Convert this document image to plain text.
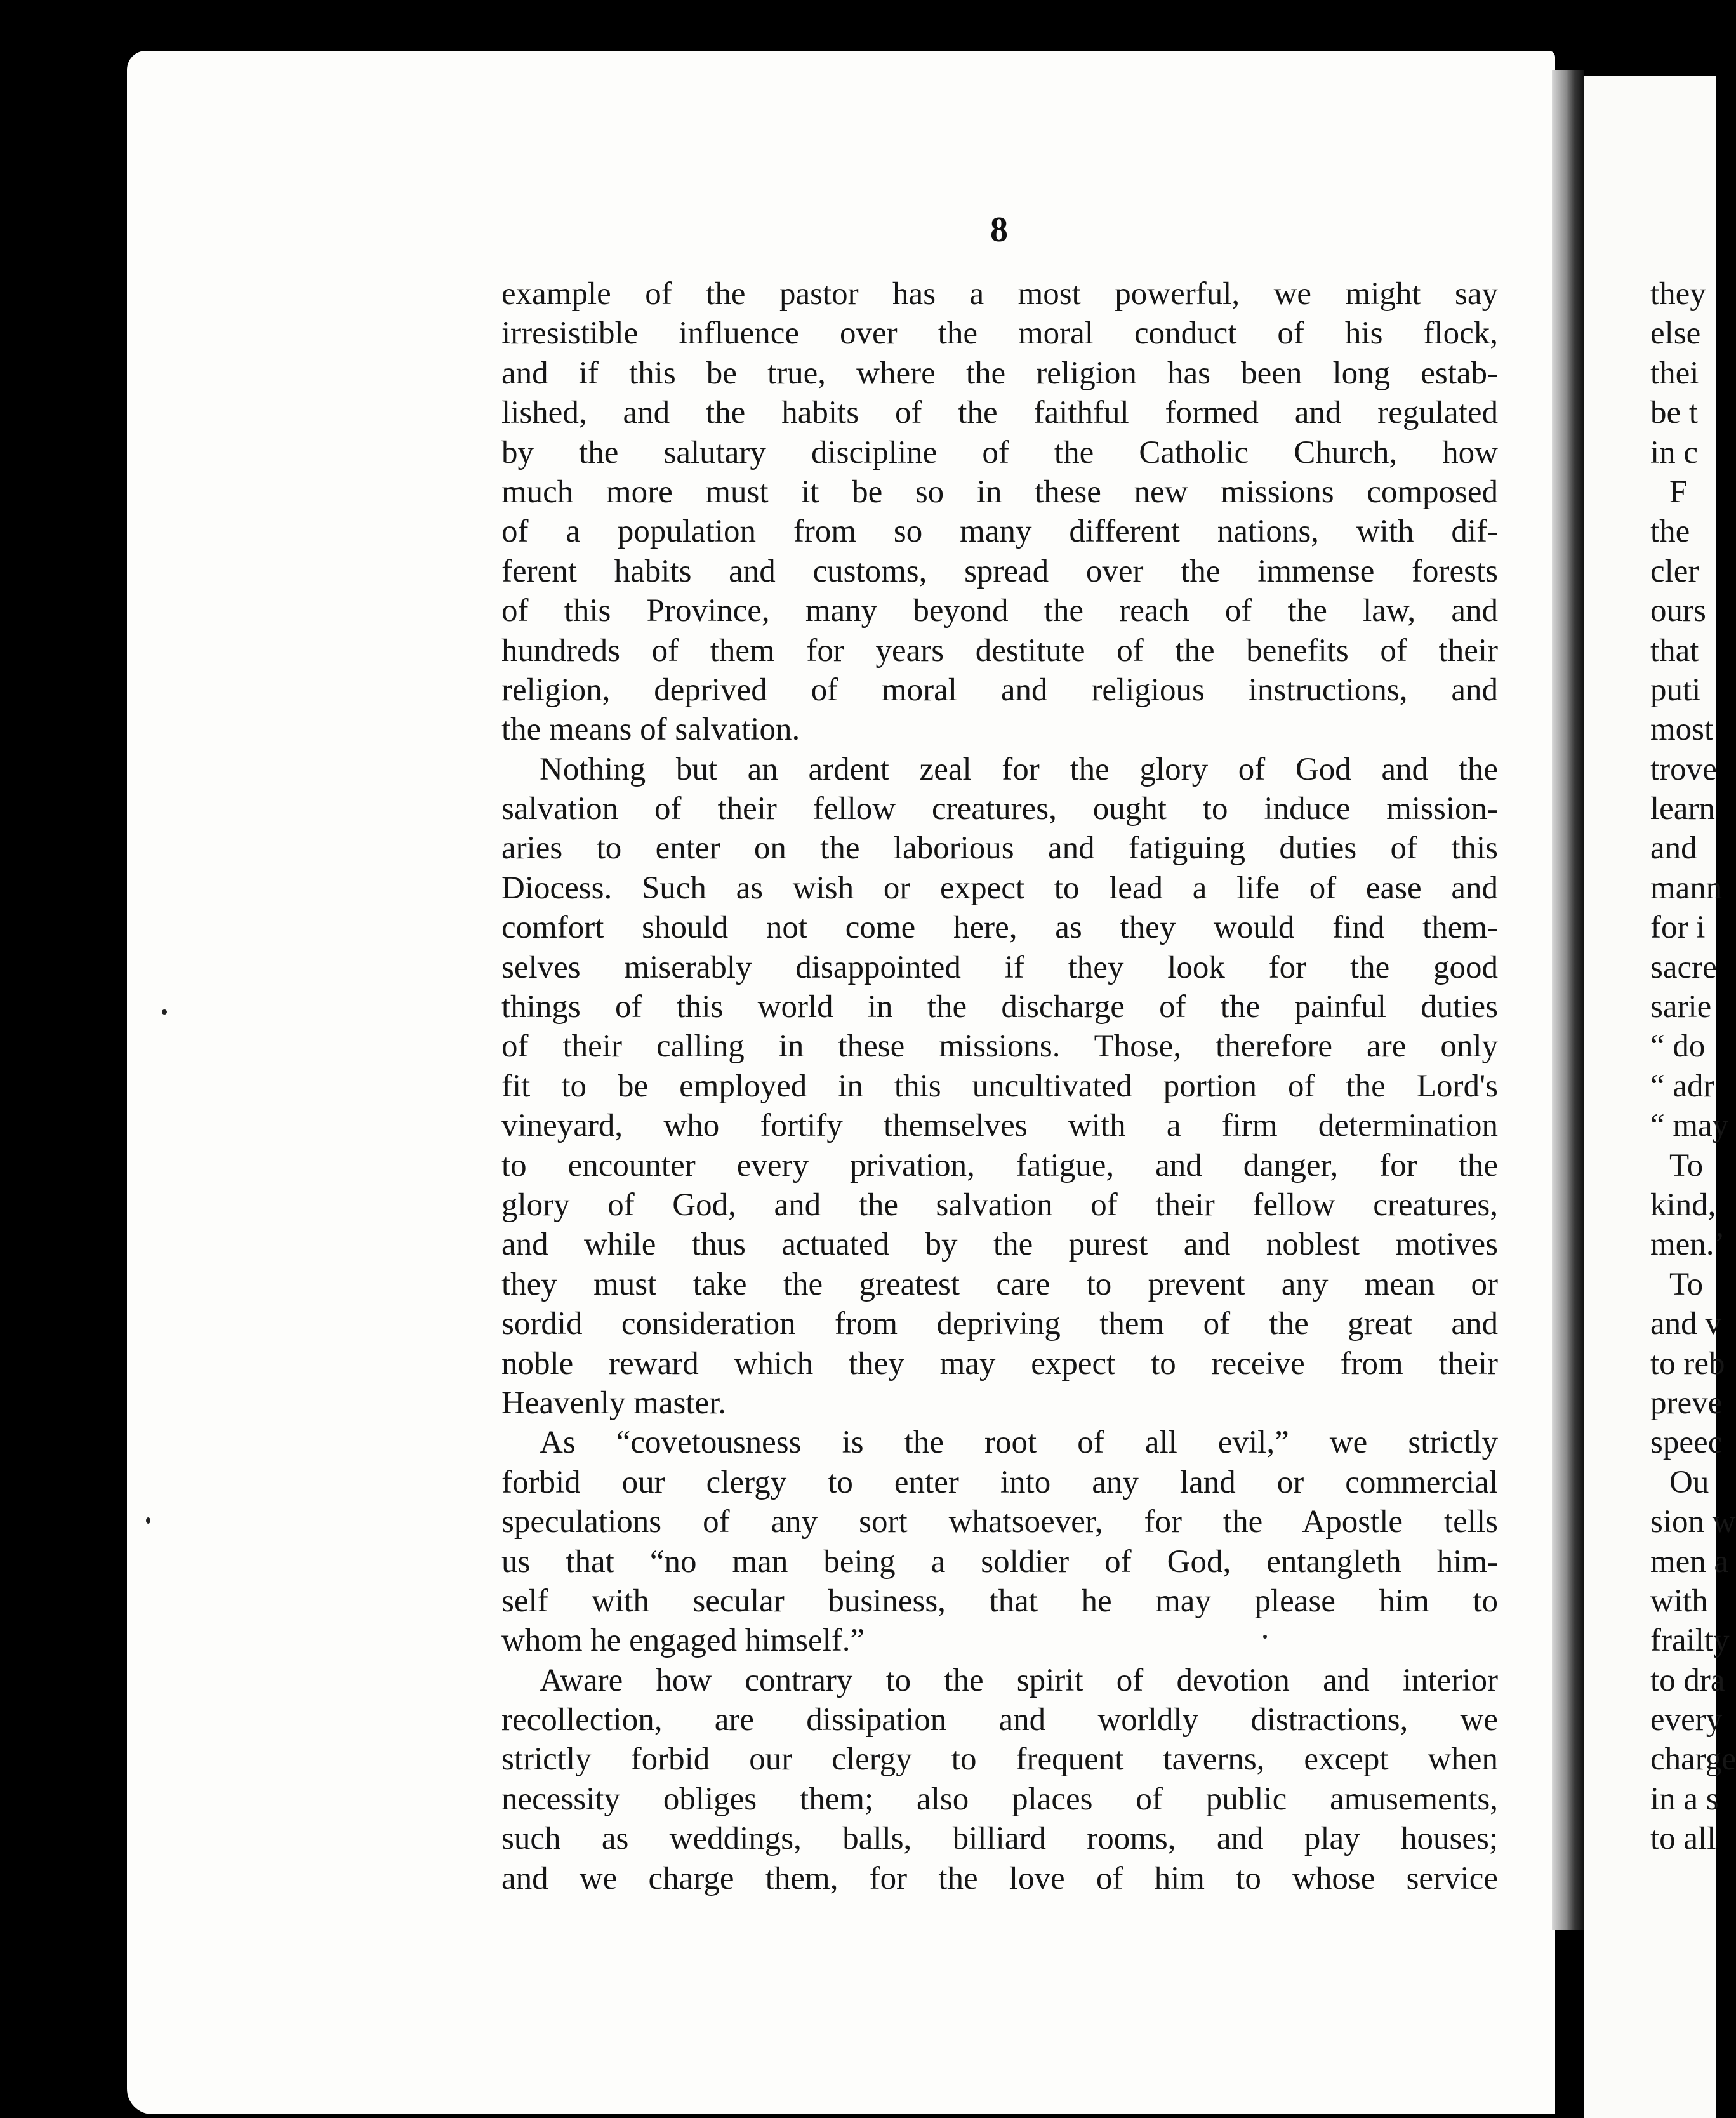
8
example of the pastor has a most powerful, we might say
irresistible influence over the moral conduct of his flock,
and if this be true, where the religion has been long estab-
lished, and the habits of the faithful formed and regulated
by the salutary discipline of the Catholic Church, how
much more must it be so in these new missions composed
of a population from so many different nations, with dif-
ferent habits and customs, spread over the immense forests
of this Province, many beyond the reach of the law, and
hundreds of them for years destitute of the benefits of their
religion, deprived of moral and religious instructions, and
the means of salvation.
Nothing but an ardent zeal for the glory of God and the
salvation of their fellow creatures, ought to induce mission-
aries to enter on the laborious and fatiguing duties of this
Diocess. Such as wish or expect to lead a life of ease and
comfort should not come here, as they would find them-
selves miserably disappointed if they look for the good
things of this world in the discharge of the painful duties
of their calling in these missions. Those, therefore are only
fit to be employed in this uncultivated portion of the Lord's
vineyard, who fortify themselves with a firm determination
to encounter every privation, fatigue, and danger, for the
glory of God, and the salvation of their fellow creatures,
and while thus actuated by the purest and noblest motives
they must take the greatest care to prevent any mean or
sordid consideration from depriving them of the great and
noble reward which they may expect to receive from their
Heavenly master.
As “covetousness is the root of all evil,” we strictly
forbid our clergy to enter into any land or commercial
speculations of any sort whatsoever, for the Apostle tells
us that “no man being a soldier of God, entangleth him-
self with secular business, that he may please him to
whom he engaged himself.”
Aware how contrary to the spirit of devotion and interior
recollection, are dissipation and worldly distractions, we
strictly forbid our clergy to frequent taverns, except when
necessity obliges them; also places of public amusements,
such as weddings, balls, billiard rooms, and play houses;
and we charge them, for the love of him to whose service
they
else
thei
be t
in c
F
the
cler
ours
that
puti
most
trove
learn
and
mann
for i
sacre
sarie
“ do
“ adr
“ may
To
kind,
men.’
To
and v
to reb
preve
speec
Ou
sion w
men a
with
frailty
to dra
every
charge
in a s
to all
